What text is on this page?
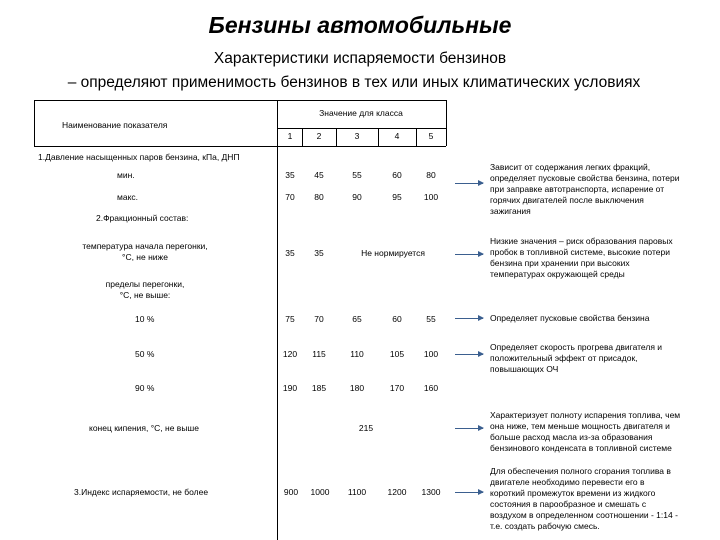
Бензины автомобильные
Характеристики испаряемости бензинов
– определяют применимость бензинов в тех или иных климатических условиях
Наименование показателя
Значение для класса
1	2	3	4	5
1.Давление насыщенных паров бензина, кПа, ДНП
мин.	35 45	55	60	80
макс.	70 80	90	95	100
2.Фракционный состав:
температура начала перегонки,
°С, не ниже	35 35	Не нормируется
пределы перегонки,
°С, не выше:
10 %	75 70	65	60	55
50 %	120 115	110	105 100
90 %	190 185	180	170 160
конец кипения, °С, не выше	215
3.Индекс испаряемости, не более	900 1000 1100	1200 1300
Зависит от содержания легких фракций,
определяет пусковые свойства бензина, потери
при заправке автотранспорта, испарение от
горячих двигателей после выключения
зажигания
Низкие значения – риск образования паровых
пробок в топливной системе, высокие потери
бензина при хранении при высоких
температурах окружающей среды
Определяет пусковые свойства бензина
Определяет скорость прогрева двигателя и
положительный эффект от присадок,
повышающих ОЧ
Характеризует полноту испарения топлива, чем
она ниже, тем меньше мощность двигателя и
больше расход масла из-за образования
бензинового конденсата в топливной системе
Для обеспечения полного сгорания топлива в
двигателе необходимо перевести его в
короткий промежуток времени из жидкого
состояния в парообразное и смешать с
воздухом в определенном соотношении - 1:14 -
т.е. создать рабочую смесь.
